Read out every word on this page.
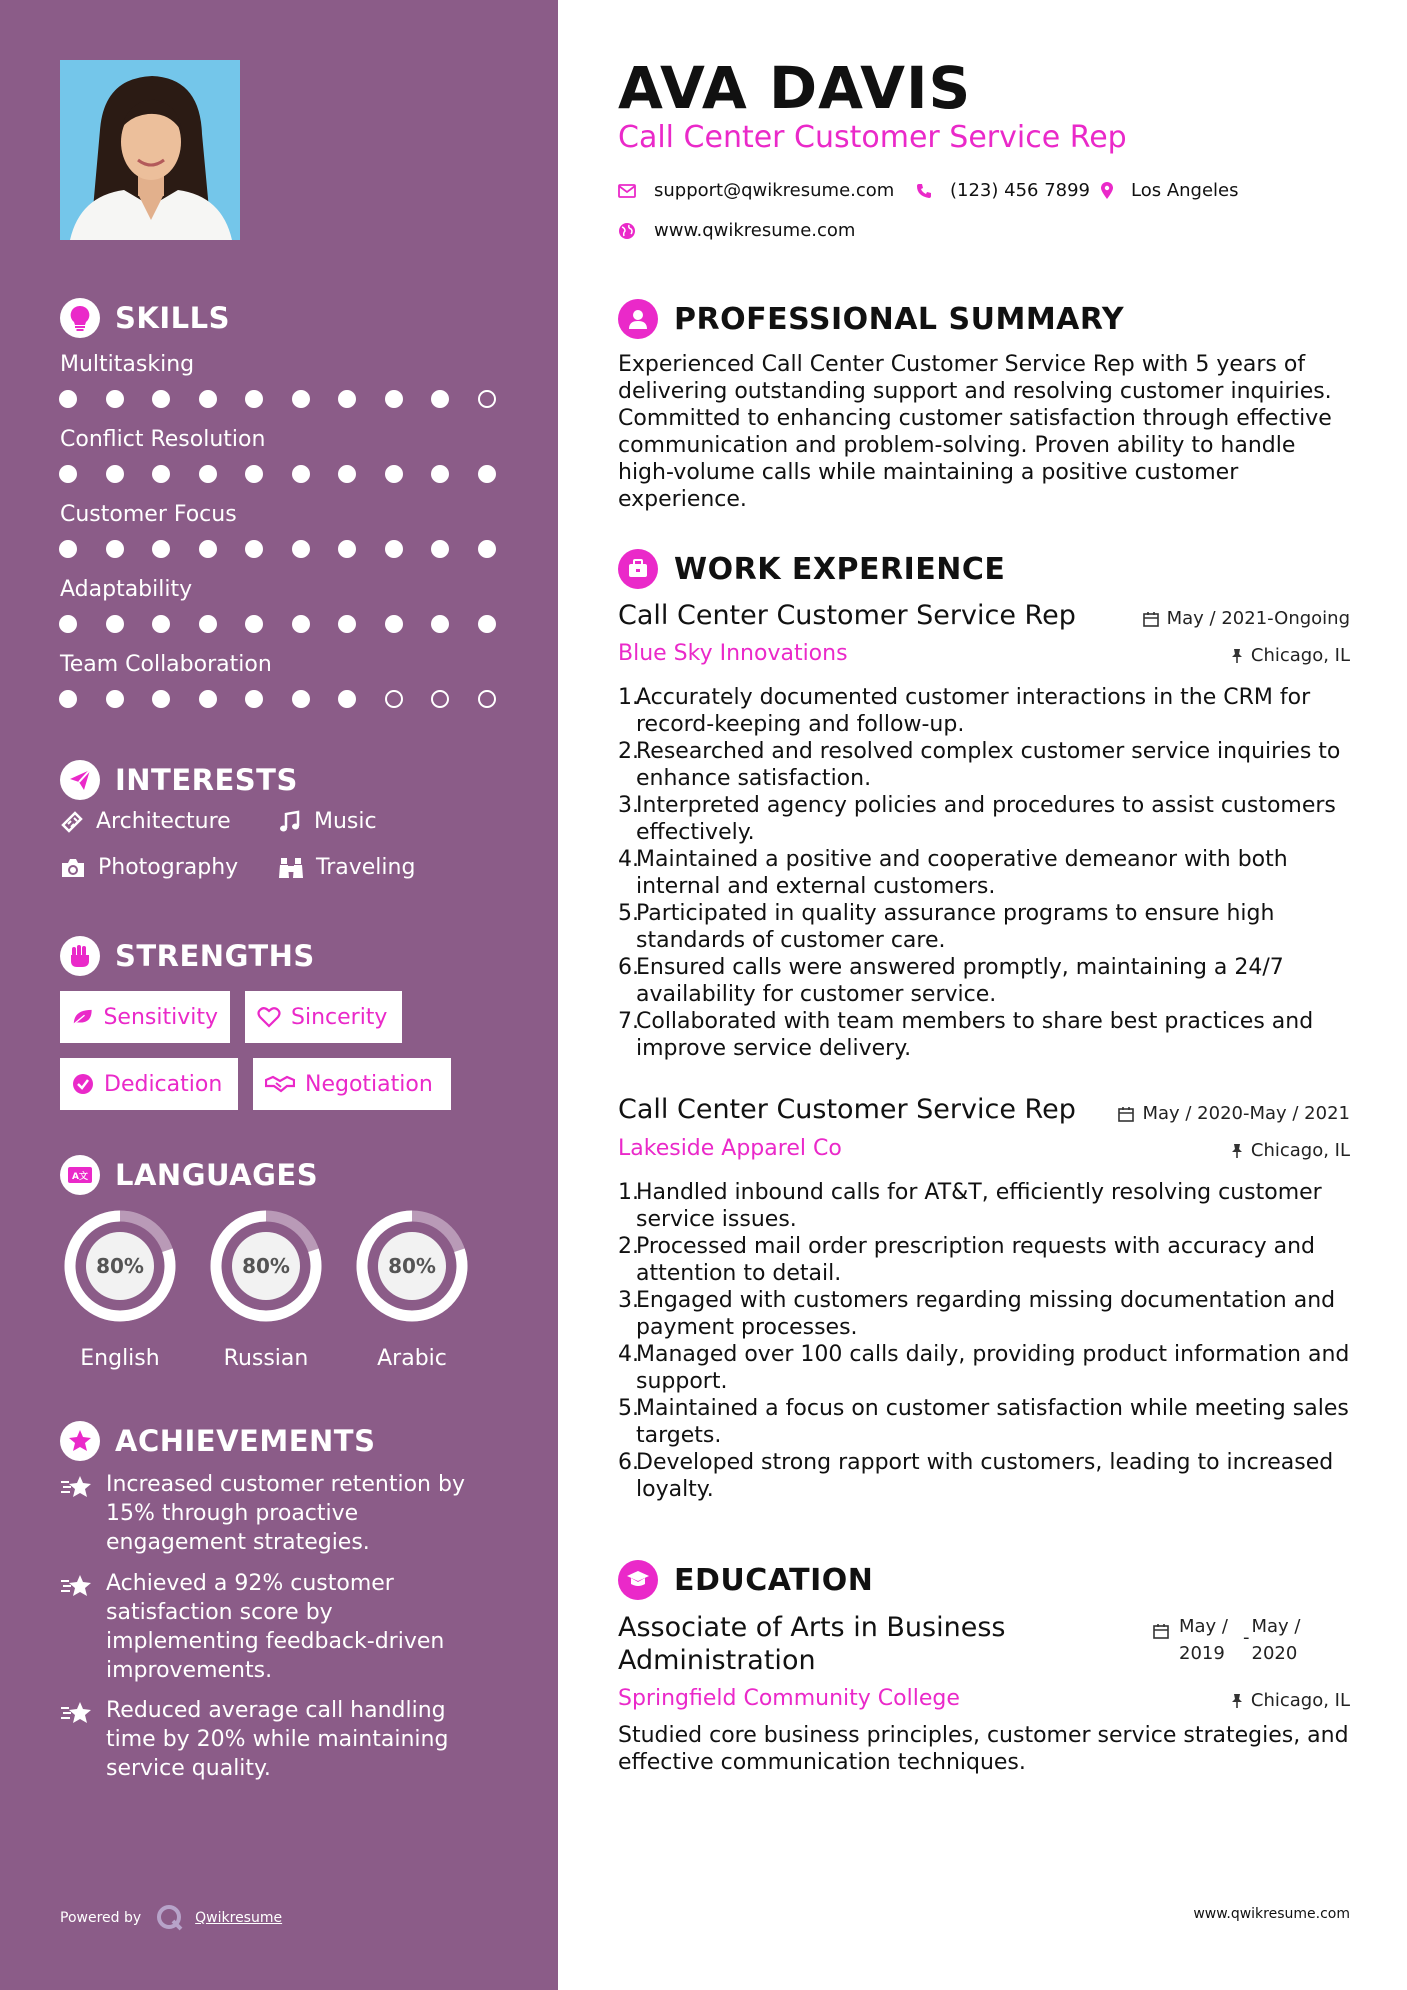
SKILLS
INTERESTS
Architecture	Music
Photography	Traveling
STRENGTHS
Sensitivity	Sincerity
Dedication	Negotiation
A文 LANGUAGES
ACHIEVEMENTS
Powered by	Qwikresume
Multitasking
Conflict Resolution
Customer Focus
Adaptability
Team Collaboration
80%
English
80%
Russian
80%
Arabic
Increased customer retention by 15% through proactive engagement strategies.
Achieved a 92% customer satisfaction score by implementing feedback-driven improvements.
Reduced average call handling time by 20% while maintaining service quality.
AVA DAVIS
Call Center Customer Service Rep
support@qwikresume.com	(123) 456 7899 Los Angeles
www.qwikresume.com
PROFESSIONAL SUMMARY
Experienced Call Center Customer Service Rep with 5 years of delivering outstanding support and resolving customer inquiries. Committed to enhancing customer satisfaction through effective communication and problem-solving. Proven ability to handle high-volume calls while maintaining a positive customer experience.
WORK EXPERIENCE
Call Center Customer Service Rep	May / 2021-Ongoing
Blue Sky Innovations	Chicago, IL
1.
Accurately documented customer interactions in the CRM for record-keeping and follow-up.
2.
Researched and resolved complex customer service inquiries to enhance satisfaction.
3.
Interpreted agency policies and procedures to assist customers effectively.
4.
Maintained a positive and cooperative demeanor with both internal and external customers.
5.
Participated in quality assurance programs to ensure high standards of customer care.
6.
Ensured calls were answered promptly, maintaining a 24/7 availability for customer service.
7.
Collaborated with team members to share best practices and improve service delivery.
Call Center Customer Service Rep	May / 2020-May / 2021
Lakeside Apparel Co	Chicago, IL
1.
Handled inbound calls for AT&T, efficiently resolving customer service issues.
2.
Processed mail order prescription requests with accuracy and attention to detail.
3.
Engaged with customers regarding missing documentation and payment processes.
4.
Managed over 100 calls daily, providing product information and support.
5.
Maintained a focus on customer satisfaction while meeting sales targets.
6.
Developed strong rapport with customers, leading to increased loyalty.
EDUCATION
Associate of Arts in Business Administration
May / 2019
-
May / 2020
Springfield Community College	Chicago, IL
Studied core business principles, customer service strategies, and effective communication techniques.
www.qwikresume.com
